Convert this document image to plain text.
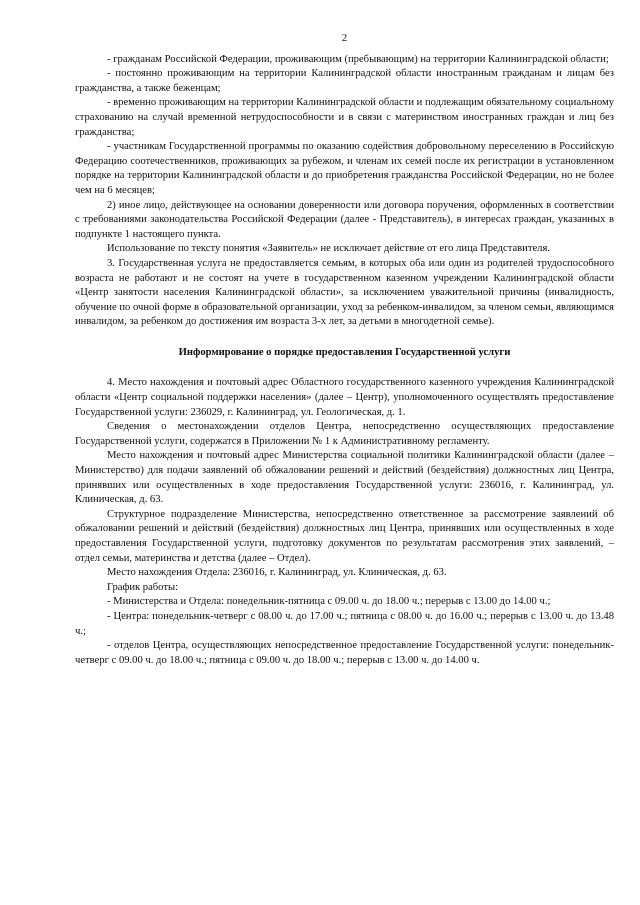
2

- гражданам Российской Федерации, проживающим (пребывающим) на территории Калининградской области;

- постоянно проживающим на территории Калининградской области иностранным гражданам и лицам без гражданства, а также беженцам;

- временно проживающим на территории Калининградской области и подлежащим обязательному социальному страхованию на случай временной нетрудоспособности и в связи с материнством иностранных граждан и лиц без гражданства;

- участникам Государственной программы по оказанию содействия добровольному переселению в Российскую Федерацию соотечественников, проживающих за рубежом, и членам их семей после их регистрации в установленном порядке на территории Калининградской области и до приобретения гражданства Российской Федерации, но не более чем на 6 месяцев;

2) иное лицо, действующее на основании доверенности или договора поручения, оформленных в соответствии с требованиями законодательства Российской Федерации (далее - Представитель), в интересах граждан, указанных в подпункте 1 настоящего пункта.

Использование по тексту понятия «Заявитель» не исключает действие от его лица Представителя.

3. Государственная услуга не предоставляется семьям, в которых оба или один из родителей трудоспособного возраста не работают и не состоят на учете в государственном казенном учреждении Калининградской области «Центр занятости населения Калининградской области», за исключением уважительной причины (инвалидность, обучение по очной форме в образовательной организации, уход за ребенком-инвалидом, за членом семьи, являющимся инвалидом, за ребенком до достижения им возраста 3-х лет, за детьми в многодетной семье).

Информирование о порядке предоставления Государственной услуги

4. Место нахождения и почтовый адрес Областного государственного казенного учреждения Калининградской области «Центр социальной поддержки населения» (далее – Центр), уполномоченного осуществлять предоставление Государственной услуги: 236029, г. Калининград, ул. Геологическая, д. 1.

Сведения о местонахождении отделов Центра, непосредственно осуществляющих предоставление Государственной услуги, содержатся в Приложении № 1 к Административному регламенту.

Место нахождения и почтовый адрес Министерства социальной политики Калининградской области (далее – Министерство) для подачи заявлений об обжаловании решений и действий (бездействия) должностных лиц Центра, принявших или осуществленных в ходе предоставления Государственной услуги: 236016, г. Калининград, ул. Клиническая, д. 63.

Структурное подразделение Министерства, непосредственно ответственное за рассмотрение заявлений об обжаловании решений и действий (бездействия) должностных лиц Центра, принявших или осуществленных в ходе предоставления Государственной услуги, подготовку документов по результатам рассмотрения этих заявлений, – отдел семьи, материнства и детства (далее – Отдел).

Место нахождения Отдела: 236016, г. Калининград, ул. Клиническая, д. 63.

График работы:

- Министерства и Отдела: понедельник-пятница с 09.00 ч. до 18.00 ч.; перерыв с 13.00 до 14.00 ч.;

- Центра: понедельник-четверг с 08.00 ч. до 17.00 ч.; пятница с 08.00 ч. до 16.00 ч.; перерыв с 13.00 ч. до 13.48 ч.;

- отделов Центра, осуществляющих непосредственное предоставление Государственной услуги: понедельник-четверг с 09.00 ч. до 18.00 ч.; пятница с 09.00 ч. до 18.00 ч.; перерыв с 13.00 ч. до 14.00 ч.
